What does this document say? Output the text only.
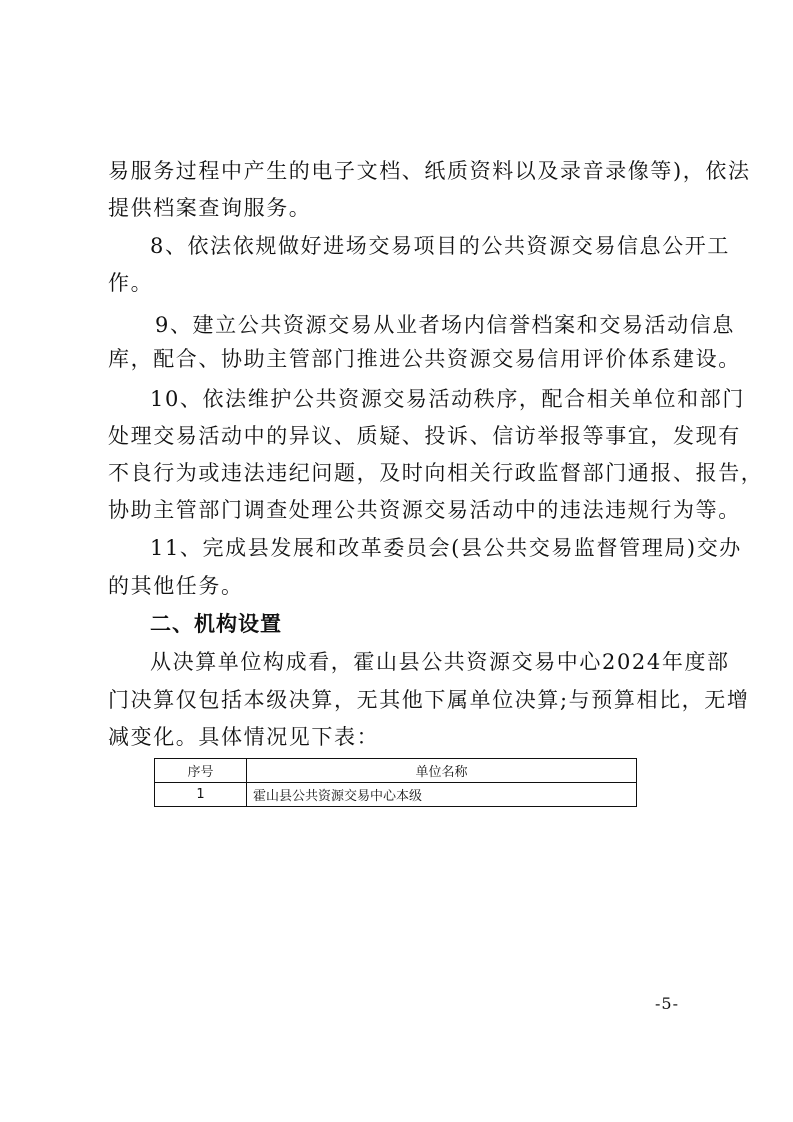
易服务过程中产生的电子文档、纸质资料以及录音录像等)，依法
提供档案查询服务。
8、依法依规做好进场交易项目的公共资源交易信息公开工
作。
9、建立公共资源交易从业者场内信誉档案和交易活动信息
库，配合、协助主管部门推进公共资源交易信用评价体系建设。
10、依法维护公共资源交易活动秩序，配合相关单位和部门
处理交易活动中的异议、质疑、投诉、信访举报等事宜，发现有
不良行为或违法违纪问题，及时向相关行政监督部门通报、报告，
协助主管部门调查处理公共资源交易活动中的违法违规行为等。
11、完成县发展和改革委员会(县公共交易监督管理局)交办
的其他任务。
二、机构设置
从决算单位构成看，霍山县公共资源交易中心2024年度部
门决算仅包括本级决算，无其他下属单位决算;与预算相比，无增
减变化。具体情况见下表：
序号	单位名称
1	霍山县公共资源交易中心本级
-5-
